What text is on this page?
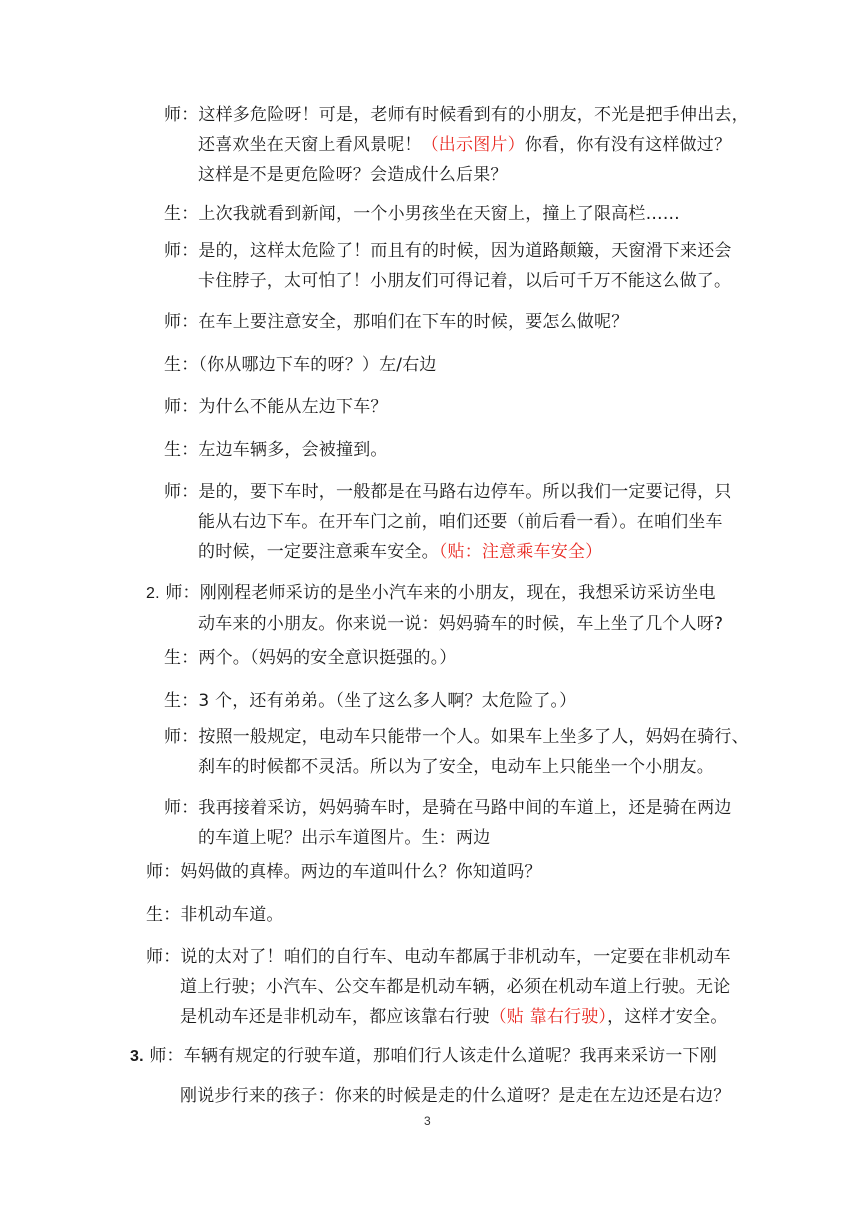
师：这样多危险呀！可是，老师有时候看到有的小朋友，不光是把手伸出去，
还喜欢坐在天窗上看风景呢！（出示图片）你看，你有没有这样做过？
这样是不是更危险呀？会造成什么后果？
生：上次我就看到新闻，一个小男孩坐在天窗上，撞上了限高栏……
师：是的，这样太危险了！而且有的时候，因为道路颠簸，天窗滑下来还会
卡住脖子，太可怕了！小朋友们可得记着，以后可千万不能这么做了。
师：在车上要注意安全，那咱们在下车的时候，要怎么做呢？
生：（你从哪边下车的呀？）左/右边
师：为什么不能从左边下车？
生：左边车辆多，会被撞到。
师：是的，要下车时，一般都是在马路右边停车。所以我们一定要记得，只
能从右边下车。在开车门之前，咱们还要（前后看一看）。在咱们坐车
的时候，一定要注意乘车安全。（贴：注意乘车安全）
2. 师：刚刚程老师采访的是坐小汽车来的小朋友，现在，我想采访采访坐电
动车来的小朋友。你来说一说：妈妈骑车的时候，车上坐了几个人呀?
生：两个。（妈妈的安全意识挺强的。）
生：3 个，还有弟弟。（坐了这么多人啊？太危险了。）
师：按照一般规定，电动车只能带一个人。如果车上坐多了人，妈妈在骑行、
刹车的时候都不灵活。所以为了安全，电动车上只能坐一个小朋友。
师：我再接着采访，妈妈骑车时，是骑在马路中间的车道上，还是骑在两边
的车道上呢？出示车道图片。生：两边
师：妈妈做的真棒。两边的车道叫什么？你知道吗？
生：非机动车道。
师：说的太对了！咱们的自行车、电动车都属于非机动车，一定要在非机动车
道上行驶；小汽车、公交车都是机动车辆，必须在机动车道上行驶。无论
是机动车还是非机动车，都应该靠右行驶（贴 靠右行驶），这样才安全。
3. 师：车辆有规定的行驶车道，那咱们行人该走什么道呢？我再来采访一下刚
刚说步行来的孩子：你来的时候是走的什么道呀？是走在左边还是右边？
3
